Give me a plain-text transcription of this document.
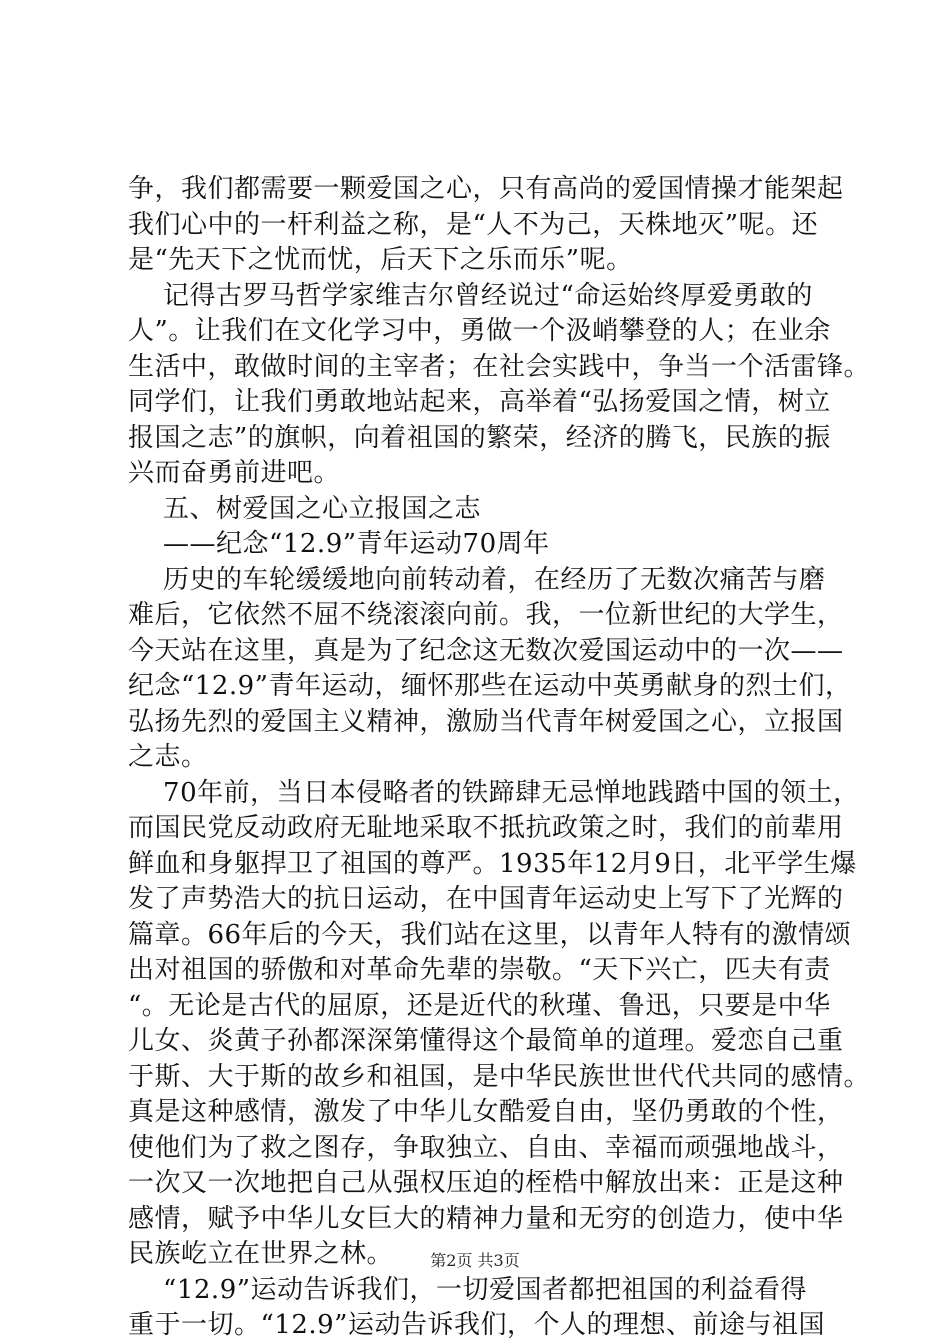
争，我们都需要一颗爱国之心，只有高尚的爱国情操才能架起
我们心中的一杆利益之称，是“人不为己，天株地灭”呢。还
是“先天下之忧而忧，后天下之乐而乐”呢。
记得古罗马哲学家维吉尔曾经说过“命运始终厚爱勇敢的
人”。让我们在文化学习中，勇做一个汲峭攀登的人；在业余
生活中，敢做时间的主宰者；在社会实践中，争当一个活雷锋。
同学们，让我们勇敢地站起来，高举着“弘扬爱国之情，树立
报国之志”的旗帜，向着祖国的繁荣，经济的腾飞，民族的振
兴而奋勇前进吧。
五、树爱国之心立报国之志
——纪念“12.9”青年运动70周年
历史的车轮缓缓地向前转动着，在经历了无数次痛苦与磨
难后，它依然不屈不绕滚滚向前。我，一位新世纪的大学生，
今天站在这里，真是为了纪念这无数次爱国运动中的一次——
纪念“12.9”青年运动，缅怀那些在运动中英勇献身的烈士们，
弘扬先烈的爱国主义精神，激励当代青年树爱国之心，立报国
之志。
70年前，当日本侵略者的铁蹄肆无忌惮地践踏中国的领土，
而国民党反动政府无耻地采取不抵抗政策之时，我们的前辈用
鲜血和身躯捍卫了祖国的尊严。1935年12月9日，北平学生爆
发了声势浩大的抗日运动，在中国青年运动史上写下了光辉的
篇章。66年后的今天，我们站在这里，以青年人特有的激情颂
出对祖国的骄傲和对革命先辈的崇敬。“天下兴亡，匹夫有责
“。无论是古代的屈原，还是近代的秋瑾、鲁迅，只要是中华
儿女、炎黄子孙都深深第懂得这个最简单的道理。爱恋自己重
于斯、大于斯的故乡和祖国，是中华民族世世代代共同的感情。
真是这种感情，激发了中华儿女酷爱自由，坚仍勇敢的个性，
使他们为了救之图存，争取独立、自由、幸福而顽强地战斗，
一次又一次地把自己从强权压迫的桎梏中解放出来：正是这种
感情，赋予中华儿女巨大的精神力量和无穷的创造力，使中华
民族屹立在世界之林。
“12.9”运动告诉我们，一切爱国者都把祖国的利益看得
重于一切。“12.9”运动告诉我们，个人的理想、前途与祖国
第2页 共3页
